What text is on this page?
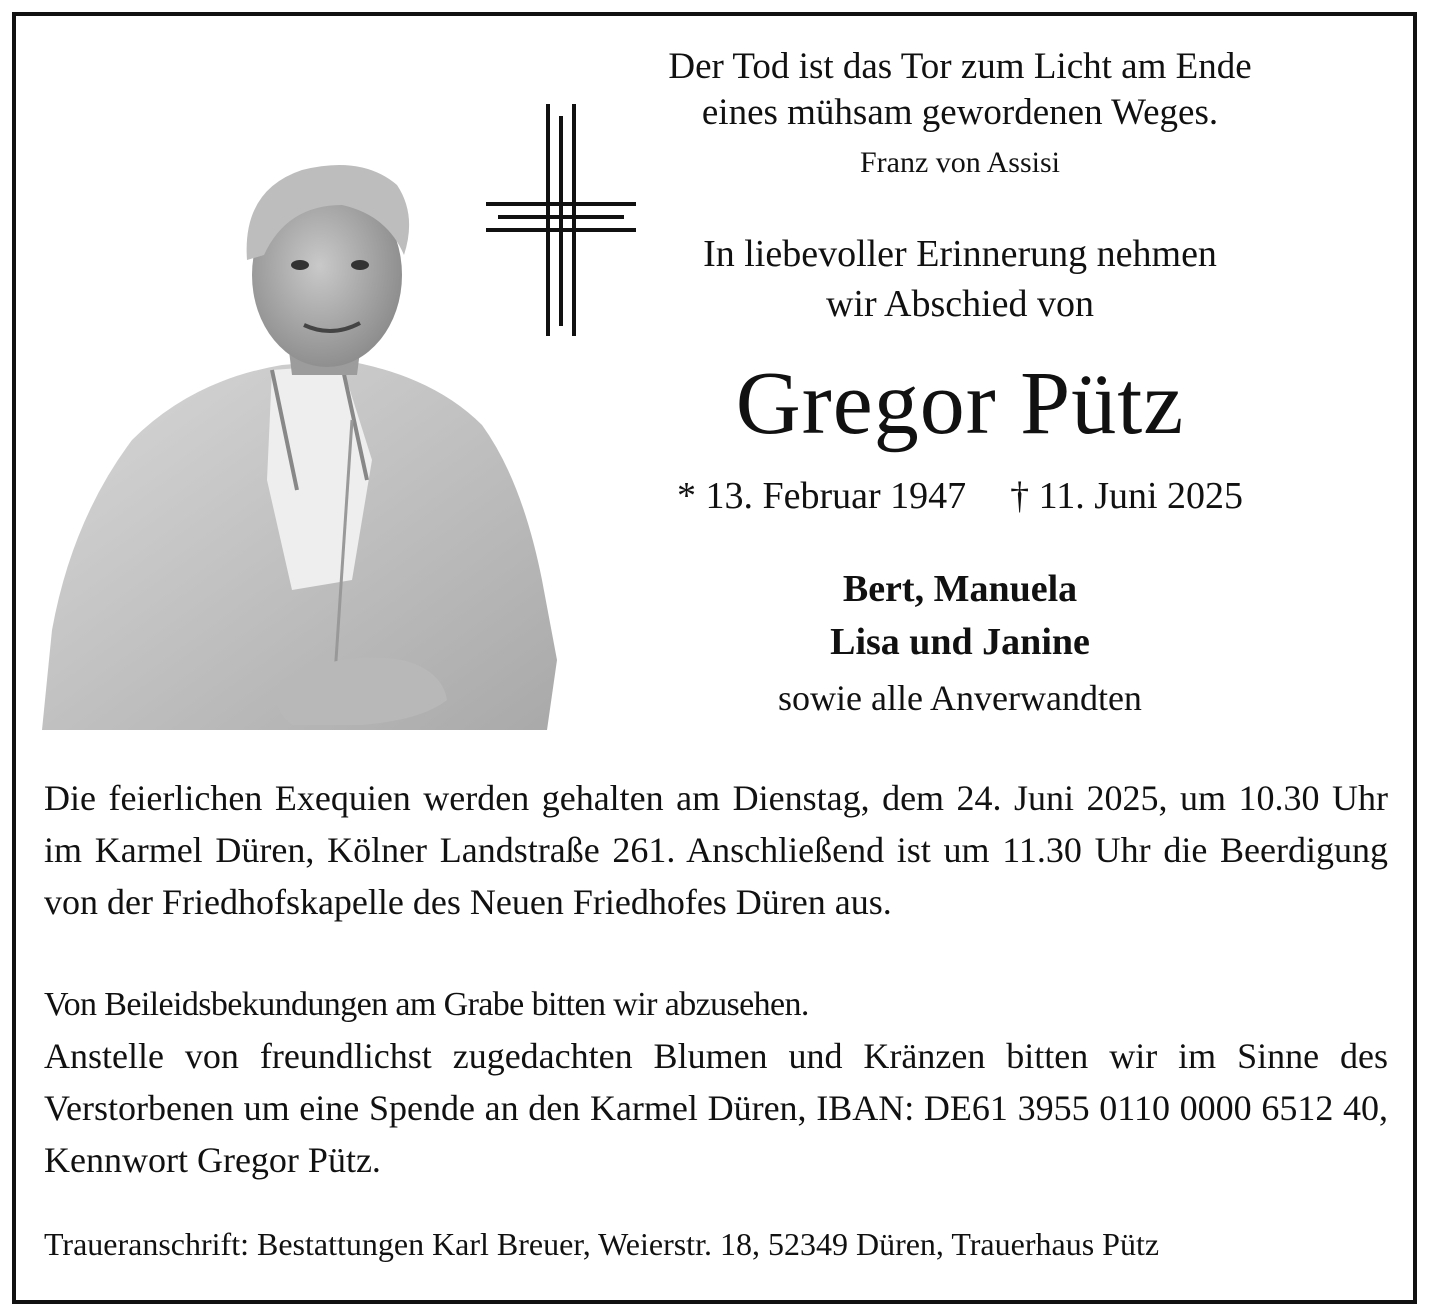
Der Tod ist das Tor zum Licht am Ende
eines mühsam gewordenen Weges.
Franz von Assisi
In liebevoller Erinnerung nehmen
wir Abschied von
Gregor Pütz
* 13. Februar 1947 † 11. Juni 2025
Bert, Manuela
Lisa und Janine
sowie alle Anverwandten
Die feierlichen Exequien werden gehalten am Dienstag, dem 24. Juni 2025, um 10.30 Uhr im Karmel Düren, Kölner Landstraße 261. Anschließend ist um 11.30 Uhr die Beerdigung von der Friedhofskapelle des Neuen Friedhofes Düren aus.
Von Beileidsbekundungen am Grabe bitten wir abzusehen.
Anstelle von freundlichst zugedachten Blumen und Kränzen bitten wir im Sinne des Verstorbenen um eine Spende an den Karmel Düren, IBAN: DE61 3955 0110 0000 6512 40, Kennwort Gregor Pütz.
Traueranschrift: Bestattungen Karl Breuer, Weierstr. 18, 52349 Düren, Trauerhaus Pütz
